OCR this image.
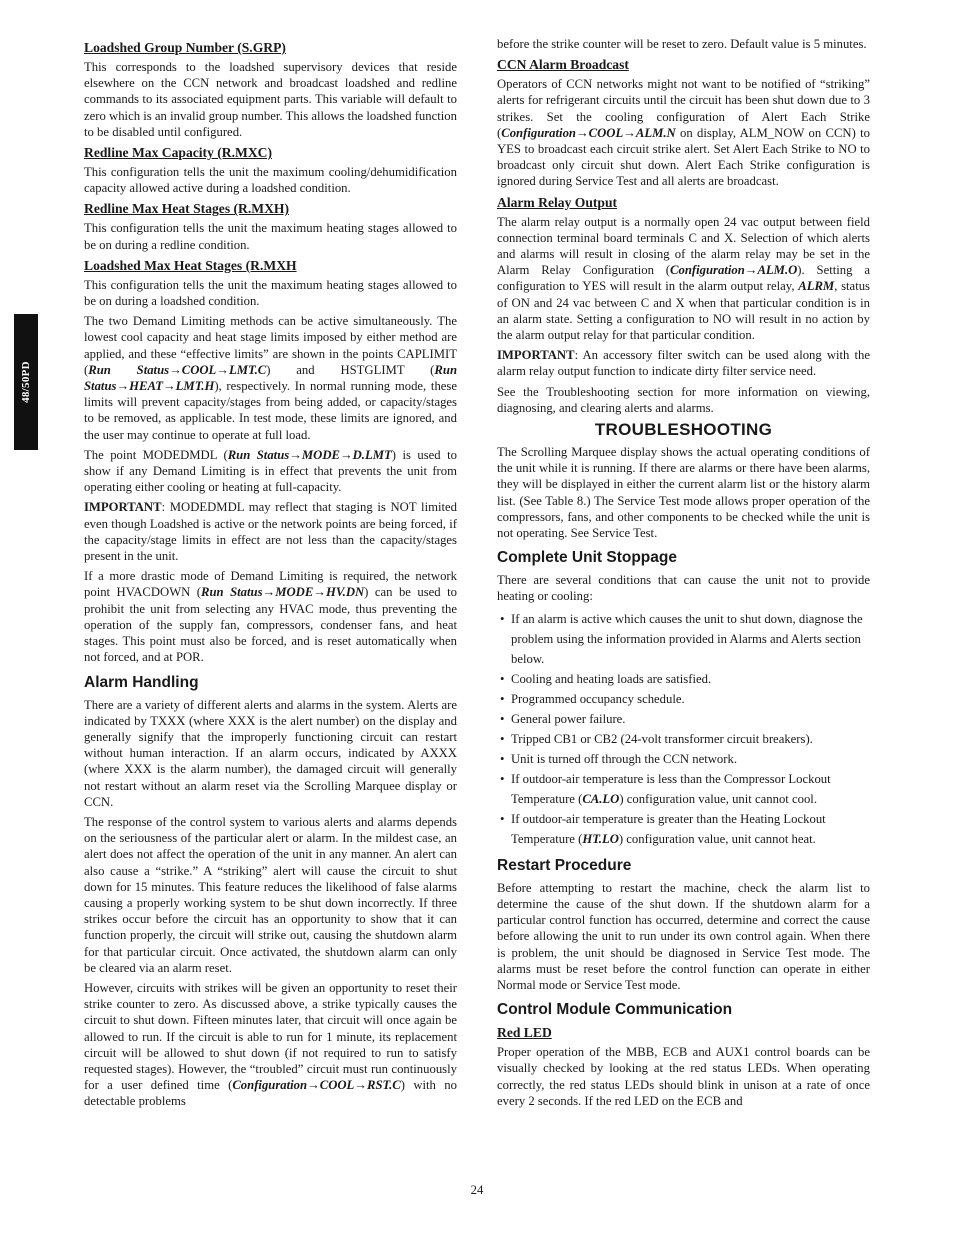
48/50PD
Loadshed Group Number (S.GRP)

This corresponds to the loadshed supervisory devices that reside elsewhere on the CCN network and broadcast loadshed and redline commands to its associated equipment parts. This variable will default to zero which is an invalid group number. This allows the loadshed function to be disabled until configured.

Redline Max Capacity (R.MXC)

This configuration tells the unit the maximum cooling/dehumidification capacity allowed active during a loadshed condition.

Redline Max Heat Stages (R.MXH)

This configuration tells the unit the maximum heating stages allowed to be on during a redline condition.

Loadshed Max Heat Stages (R.MXH

This configuration tells the unit the maximum heating stages allowed to be on during a loadshed condition.

The two Demand Limiting methods can be active simultaneously. The lowest cool capacity and heat stage limits imposed by either method are applied, and these “effective limits” are shown in the points CAPLIMIT (Run Status→COOL→LMT.C) and HSTGLIMT (Run Status→HEAT→LMT.H), respectively. In normal running mode, these limits will prevent capacity/stages from being added, or capacity/stages to be removed, as applicable. In test mode, these limits are ignored, and the user may continue to operate at full load.

The point MODEDMDL (Run Status→MODE→D.LMT) is used to show if any Demand Limiting is in effect that prevents the unit from operating either cooling or heating at full-capacity.

IMPORTANT: MODEDMDL may reflect that staging is NOT limited even though Loadshed is active or the network points are being forced, if the capacity/stage limits in effect are not less than the capacity/stages present in the unit.

If a more drastic mode of Demand Limiting is required, the network point HVACDOWN (Run Status→MODE→HV.DN) can be used to prohibit the unit from selecting any HVAC mode, thus preventing the operation of the supply fan, compressors, condenser fans, and heat stages. This point must also be forced, and is reset automatically when not forced, and at POR.

Alarm Handling

There are a variety of different alerts and alarms in the system. Alerts are indicated by TXXX (where XXX is the alert number) on the display and generally signify that the improperly functioning circuit can restart without human interaction. If an alarm occurs, indicated by AXXX (where XXX is the alarm number), the damaged circuit will generally not restart without an alarm reset via the Scrolling Marquee display or CCN.

The response of the control system to various alerts and alarms depends on the seriousness of the particular alert or alarm. In the mildest case, an alert does not affect the operation of the unit in any manner. An alert can also cause a “strike.” A “striking” alert will cause the circuit to shut down for 15 minutes. This feature reduces the likelihood of false alarms causing a properly working system to be shut down incorrectly. If three strikes occur before the circuit has an opportunity to show that it can function properly, the circuit will strike out, causing the shutdown alarm for that particular circuit. Once activated, the shutdown alarm can only be cleared via an alarm reset.

However, circuits with strikes will be given an opportunity to reset their strike counter to zero. As discussed above, a strike typically causes the circuit to shut down. Fifteen minutes later, that circuit will once again be allowed to run. If the circuit is able to run for 1 minute, its replacement circuit will be allowed to shut down (if not required to run to satisfy requested stages). However, the “troubled” circuit must run continuously for a user defined time (Configuration→COOL→RST.C) with no detectable problems

before the strike counter will be reset to zero. Default value is 5 minutes.

CCN Alarm Broadcast

Operators of CCN networks might not want to be notified of “striking” alerts for refrigerant circuits until the circuit has been shut down due to 3 strikes. Set the cooling configuration of Alert Each Strike (Configuration→COOL→ALM.N on display, ALM_NOW on CCN) to YES to broadcast each circuit strike alert. Set Alert Each Strike to NO to broadcast only circuit shut down. Alert Each Strike configuration is ignored during Service Test and all alerts are broadcast.

Alarm Relay Output

The alarm relay output is a normally open 24 vac output between field connection terminal board terminals C and X. Selection of which alerts and alarms will result in closing of the alarm relay may be set in the Alarm Relay Configuration (Configuration→ALM.O). Setting a configuration to YES will result in the alarm output relay, ALRM, status of ON and 24 vac between C and X when that particular condition is in an alarm state. Setting a configuration to NO will result in no action by the alarm output relay for that particular condition.

IMPORTANT: An accessory filter switch can be used along with the alarm relay output function to indicate dirty filter service need.

See the Troubleshooting section for more information on viewing, diagnosing, and clearing alerts and alarms.

TROUBLESHOOTING

The Scrolling Marquee display shows the actual operating conditions of the unit while it is running. If there are alarms or there have been alarms, they will be displayed in either the current alarm list or the history alarm list. (See Table 8.) The Service Test mode allows proper operation of the compressors, fans, and other components to be checked while the unit is not operating. See Service Test.

Complete Unit Stoppage

There are several conditions that can cause the unit not to provide heating or cooling:

• If an alarm is active which causes the unit to shut down, diagnose the problem using the information provided in Alarms and Alerts section below.
• Cooling and heating loads are satisfied.
• Programmed occupancy schedule.
• General power failure.
• Tripped CB1 or CB2 (24-volt transformer circuit breakers).
• Unit is turned off through the CCN network.
• If outdoor-air temperature is less than the Compressor Lockout Temperature (CA.LO) configuration value, unit cannot cool.
• If outdoor-air temperature is greater than the Heating Lockout Temperature (HT.LO) configuration value, unit cannot heat.
Restart Procedure

Before attempting to restart the machine, check the alarm list to determine the cause of the shut down. If the shutdown alarm for a particular control function has occurred, determine and correct the cause before allowing the unit to run under its own control again. When there is problem, the unit should be diagnosed in Service Test mode. The alarms must be reset before the control function can operate in either Normal mode or Service Test mode.

Control Module Communication
Red LED

Proper operation of the MBB, ECB and AUX1 control boards can be visually checked by looking at the red status LEDs. When operating correctly, the red status LEDs should blink in unison at a rate of once every 2 seconds. If the red LED on the ECB and

24
